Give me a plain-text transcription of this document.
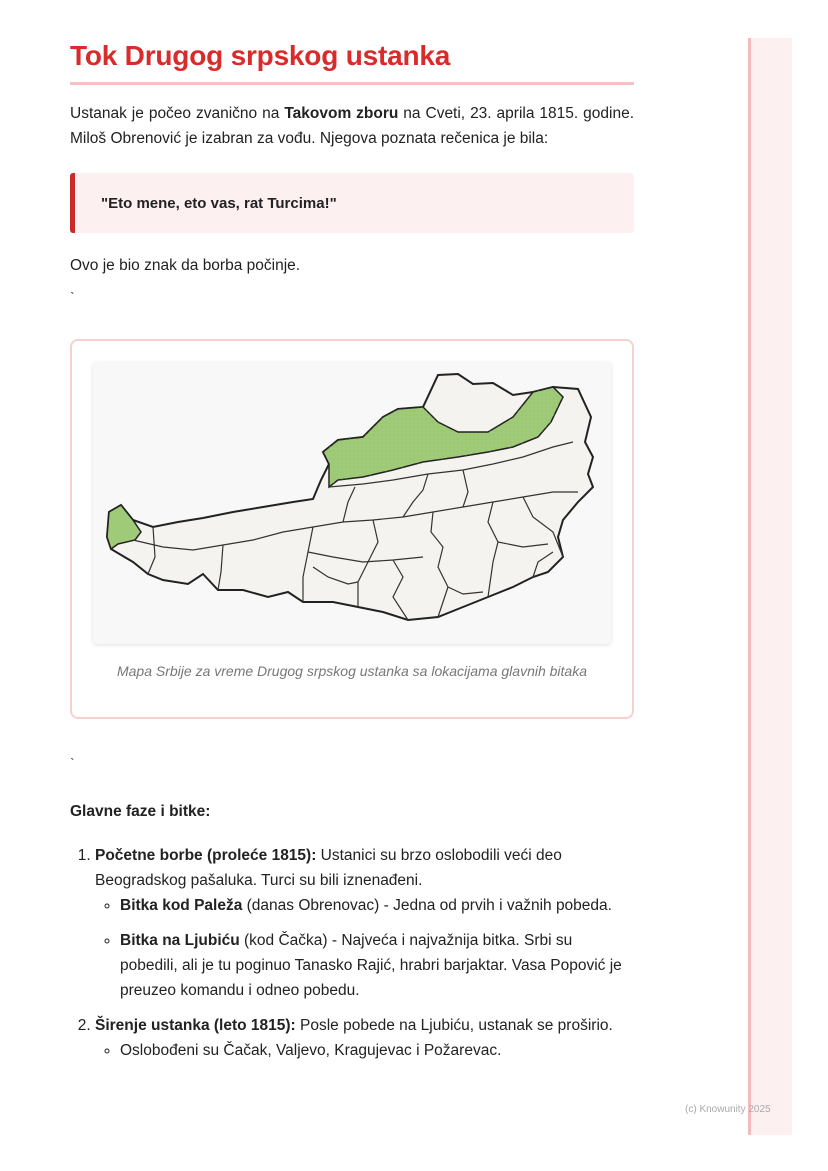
Tok Drugog srpskog ustanka

Ustanak je počeo zvanično na Takovom zboru na Cveti, 23. aprila 1815. godine. Miloš Obrenović je izabran za vođu. Njegova poznata rečenica je bila:

"Eto mene, eto vas, rat Turcima!"

Ovo je bio znak da borba počinje.

`
Mapa Srbije za vreme Drugog srpskog ustanka sa lokacijama glavnih bitaka
`
Glavne faze i bitke:
1. Početne borbe (proleće 1815): Ustanici su brzo oslobodili veći deo Beogradskog pašaluka. Turci su bili iznenađeni.
◦ Bitka kod Paleža (danas Obrenovac) - Jedna od prvih i važnih pobeda.
◦ Bitka na Ljubiću (kod Čačka) - Najveća i najvažnija bitka. Srbi su pobedili, ali je tu poginuo Tanasko Rajić, hrabri barjaktar. Vasa Popović je preuzeo komandu i odneo pobedu.
2. Širenje ustanka (leto 1815): Posle pobede na Ljubiću, ustanak se proširio.
◦ Oslobođeni su Čačak, Valjevo, Kragujevac i Požarevac.
(c) Knowunity 2025
